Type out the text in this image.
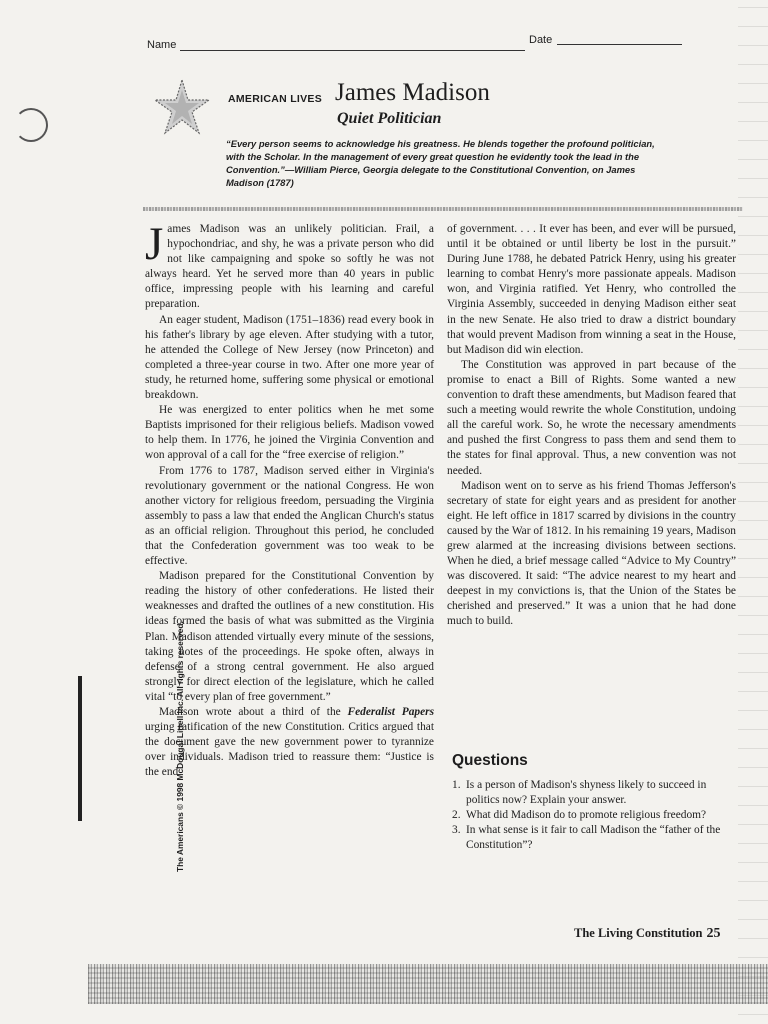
Name	Date
AMERICAN LIVES James Madison
Quiet Politician
“Every person seems to acknowledge his greatness. He blends together the profound politician, with the Scholar. In the management of every great question he evidently took the lead in the Convention.”—William Pierce, Georgia delegate to the Constitutional Convention, on James Madison (1787)

J ames Madison was an unlikely politician. Frail, a hypochondriac, and shy, he was a private person who did not like campaigning and spoke so softly he was not always heard. Yet he served more than 40 years in public office, impressing people with his learning and careful preparation.

An eager student, Madison (1751–1836) read every book in his father's library by age eleven. After studying with a tutor, he attended the College of New Jersey (now Princeton) and completed a three-year course in two. After one more year of study, he returned home, suffering some physical or emotional breakdown.

He was energized to enter politics when he met some Baptists imprisoned for their religious beliefs. Madison vowed to help them. In 1776, he joined the Virginia Convention and won approval of a call for the “free exercise of religion.”

From 1776 to 1787, Madison served either in Virginia's revolutionary government or the national Congress. He won another victory for religious freedom, persuading the Virginia assembly to pass a law that ended the Anglican Church's status as an official religion. Throughout this period, he concluded that the Confederation government was too weak to be effective.

Madison prepared for the Constitutional Convention by reading the history of other confederations. He listed their weaknesses and drafted the outlines of a new constitution. His ideas formed the basis of what was submitted as the Virginia Plan. Madison attended virtually every minute of the sessions, taking notes of the proceedings. He spoke often, always in defense of a strong central government. He also argued strongly for direct election of the legislature, which he called vital “to every plan of free government.”

Madison wrote about a third of the Federalist Papers urging ratification of the new Constitution. Critics argued that the document gave the new government power to tyrannize over individuals. Madison tried to reassure them: “Justice is the end

of government. . . . It ever has been, and ever will be pursued, until it be obtained or until liberty be lost in the pursuit.” During June 1788, he debated Patrick Henry, using his greater learning to combat Henry's more passionate appeals. Madison won, and Virginia ratified. Yet Henry, who controlled the Virginia Assembly, succeeded in denying Madison either seat in the new Senate. He also tried to draw a district boundary that would prevent Madison from winning a seat in the House, but Madison did win election.

The Constitution was approved in part because of the promise to enact a Bill of Rights. Some wanted a new convention to draft these amendments, but Madison feared that such a meeting would rewrite the whole Constitution, undoing all the careful work. So, he wrote the necessary amendments and pushed the first Congress to pass them and send them to the states for final approval. Thus, a new convention was not needed.

Madison went on to serve as his friend Thomas Jefferson's secretary of state for eight years and as president for another eight. He left office in 1817 scarred by divisions in the country caused by the War of 1812. In his remaining 19 years, Madison grew alarmed at the increasing divisions between sections. When he died, a brief message called “Advice to My Country” was discovered. It said: “The advice nearest to my heart and deepest in my convictions is, that the Union of the States be cherished and preserved.” It was a union that he had done much to build.

Questions
1. Is a person of Madison's shyness likely to succeed in politics now? Explain your answer.
2. What did Madison do to promote religious freedom?
3. In what sense is it fair to call Madison the “father of the Constitution”?
The Americans © 1998 McDougal Littell Inc. All rights reserved.
The Living Constitution 25
